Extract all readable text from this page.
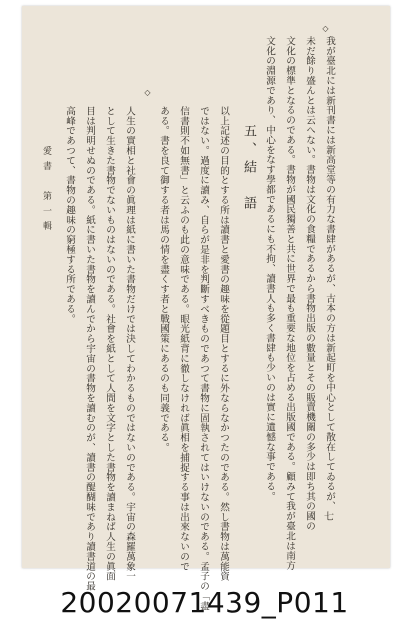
◇
我が臺北には新刊書には新高堂等の有力な書肆があるが、古本の方は新起町を中心として散在してゐるが、
未だ餘り盛んとは云へない。書物は文化の食糧であるから書物出版の數量とその販賣機關の多少は即ち其の國の
文化の標準となるのである。書物が國民獨善と共に世界で最も重要な地位を占める出版國である。顧みて我が臺北は南方
文化の淵源であり、中心をなす學都であるにも不拘、讀書人も多く書肆も少いのは實に遺憾な事である。
五、結　語
以上記述の目的とする所は讀書と愛書の趣味を從題目とするに外ならなかつたのである。然し書物は萬能資
ではない。過度に讀み、自らが是非を判斷すべきものであつて書物に固執されてはいけないのである。孟子の「盡
信書則不如無書」と云ふのも此の意味である。眼光紙背に徹しなければ眞相を捕捉する事は出來ないので
ある。書を良て御する者は馬の情を盡くす者と戰國策にあるのも同義である。
◇
人生の實相と社會の眞理は紙に書いた書物だけでは決してわかるものではないのである。宇宙の森羅萬象一
として生きた書物でないものはないのである。社會を紙として人間を文字とした書物を讀まねば人生の眞面
目は判明せぬのである。紙に書いた書物を讀んでから宇宙の書物を讀むのが、讀書の醍醐味であり讀書道の最
高峰であつて、書物の趣味の窮極する所である。
愛書　第一輯
七
20020071439_P011
